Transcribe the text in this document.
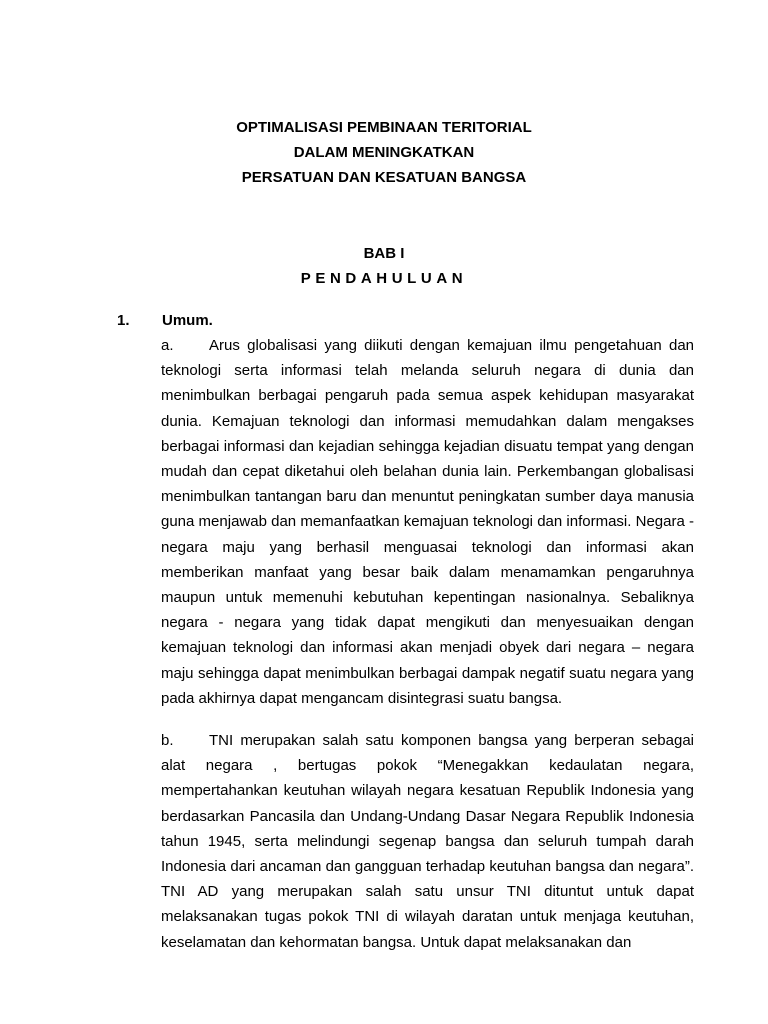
OPTIMALISASI PEMBINAAN TERITORIAL
DALAM MENINGKATKAN
PERSATUAN DAN KESATUAN BANGSA
BAB I
PENDAHULUAN
1. Umum.
a. Arus globalisasi yang diikuti dengan kemajuan ilmu pengetahuan dan teknologi serta informasi telah melanda seluruh negara di dunia dan menimbulkan berbagai pengaruh pada semua aspek kehidupan masyarakat dunia. Kemajuan teknologi dan informasi memudahkan dalam mengakses berbagai informasi dan kejadian sehingga kejadian disuatu tempat yang dengan mudah dan cepat diketahui oleh belahan dunia lain. Perkembangan globalisasi menimbulkan tantangan baru dan menuntut peningkatan sumber daya manusia guna menjawab dan memanfaatkan kemajuan teknologi dan informasi. Negara - negara maju yang berhasil menguasai teknologi dan informasi akan memberikan manfaat yang besar baik dalam menamamkan pengaruhnya maupun untuk memenuhi kebutuhan kepentingan nasionalnya. Sebaliknya negara - negara yang tidak dapat mengikuti dan menyesuaikan dengan kemajuan teknologi dan informasi akan menjadi obyek dari negara – negara maju sehingga dapat menimbulkan berbagai dampak negatif suatu negara yang pada akhirnya dapat mengancam disintegrasi suatu bangsa.
b. TNI merupakan salah satu komponen bangsa yang berperan sebagai alat negara , bertugas pokok “Menegakkan kedaulatan negara, mempertahankan keutuhan wilayah negara kesatuan Republik Indonesia yang berdasarkan Pancasila dan Undang-Undang Dasar Negara Republik Indonesia tahun 1945, serta melindungi segenap bangsa dan seluruh tumpah darah Indonesia dari ancaman dan gangguan terhadap keutuhan bangsa dan negara”. TNI AD yang merupakan salah satu unsur TNI dituntut untuk dapat melaksanakan tugas pokok TNI di wilayah daratan untuk menjaga keutuhan, keselamatan dan kehormatan bangsa. Untuk dapat melaksanakan dan
